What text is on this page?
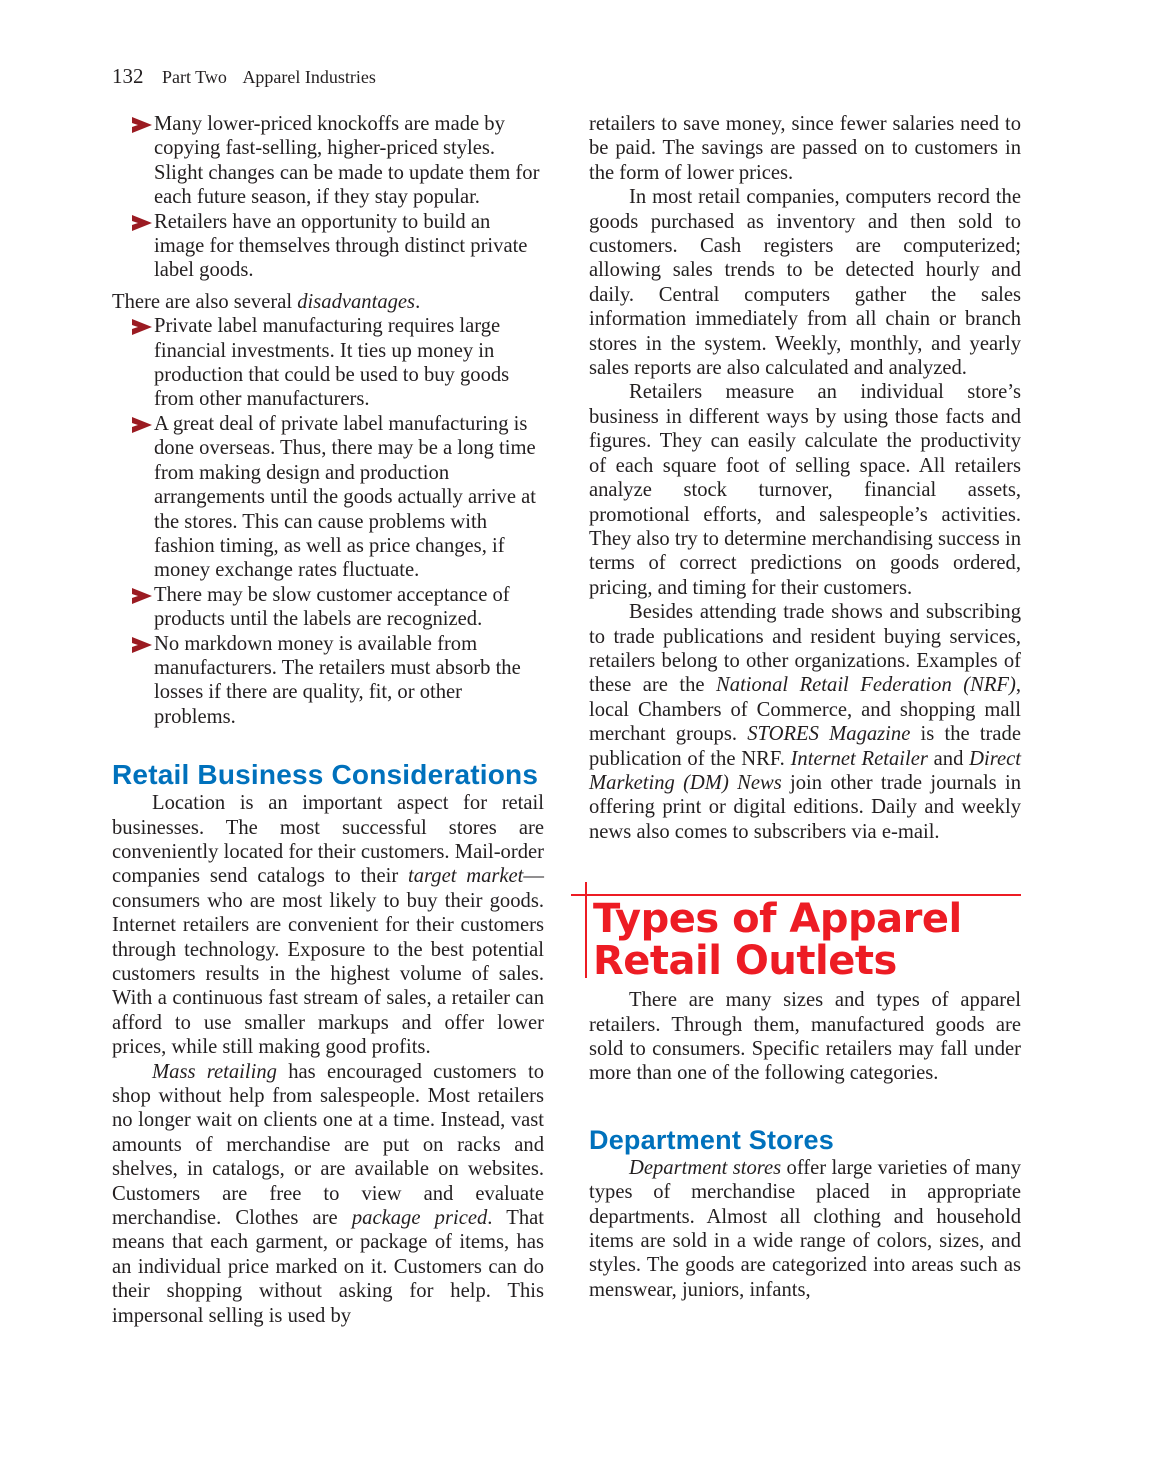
132 Part Two Apparel Industries
Many lower-priced knockoffs are made by copying fast-selling, higher-priced styles. Slight changes can be made to update them for each future season, if they stay popular.
Retailers have an opportunity to build an image for themselves through distinct private label goods.

There are also several disadvantages.

Private label manufacturing requires large financial investments. It ties up money in production that could be used to buy goods from other manufacturers.
A great deal of private label manufacturing is done overseas. Thus, there may be a long time from making design and production arrangements until the goods actually arrive at the stores. This can cause problems with fashion timing, as well as price changes, if money exchange rates fluctuate.
There may be slow customer acceptance of products until the labels are recognized.
No markdown money is available from manufacturers. The retailers must absorb the losses if there are quality, fit, or other problems.
Retail Business Considerations

Location is an important aspect for retail businesses. The most successful stores are conveniently located for their customers. Mail-order companies send catalogs to their target market—consumers who are most likely to buy their goods. Internet retailers are convenient for their customers through technology. Exposure to the best potential customers results in the highest volume of sales. With a continuous fast stream of sales, a retailer can afford to use smaller markups and offer lower prices, while still making good profits.

Mass retailing has encouraged customers to shop without help from salespeople. Most retailers no longer wait on clients one at a time. Instead, vast amounts of merchandise are put on racks and shelves, in catalogs, or are available on websites. Customers are free to view and evaluate merchandise. Clothes are package priced. That means that each garment, or package of items, has an individual price marked on it. Customers can do their shopping without asking for help. This impersonal selling is used by

retailers to save money, since fewer salaries need to be paid. The savings are passed on to customers in the form of lower prices.

In most retail companies, computers record the goods purchased as inventory and then sold to customers. Cash registers are computerized; allowing sales trends to be detected hourly and daily. Central computers gather the sales information immediately from all chain or branch stores in the system. Weekly, monthly, and yearly sales reports are also calculated and analyzed.

Retailers measure an individual store’s business in different ways by using those facts and figures. They can easily calculate the productivity of each square foot of selling space. All retailers analyze stock turnover, financial assets, promotional efforts, and salespeople’s activities. They also try to determine merchandising success in terms of correct predictions on goods ordered, pricing, and timing for their customers.

Besides attending trade shows and subscribing to trade publications and resident buying services, retailers belong to other organizations. Examples of these are the National Retail Federation (NRF), local Chambers of Commerce, and shopping mall merchant groups. STORES Magazine is the trade publication of the NRF. Internet Retailer and Direct Marketing (DM) News join other trade journals in offering print or digital editions. Daily and weekly news also comes to subscribers via e-mail.

Types of Apparel
Retail Outlets

There are many sizes and types of apparel retailers. Through them, manufactured goods are sold to consumers. Specific retailers may fall under more than one of the following categories.

Department Stores

Department stores offer large varieties of many types of merchandise placed in appropriate departments. Almost all clothing and household items are sold in a wide range of colors, sizes, and styles. The goods are categorized into areas such as menswear, juniors, infants,
